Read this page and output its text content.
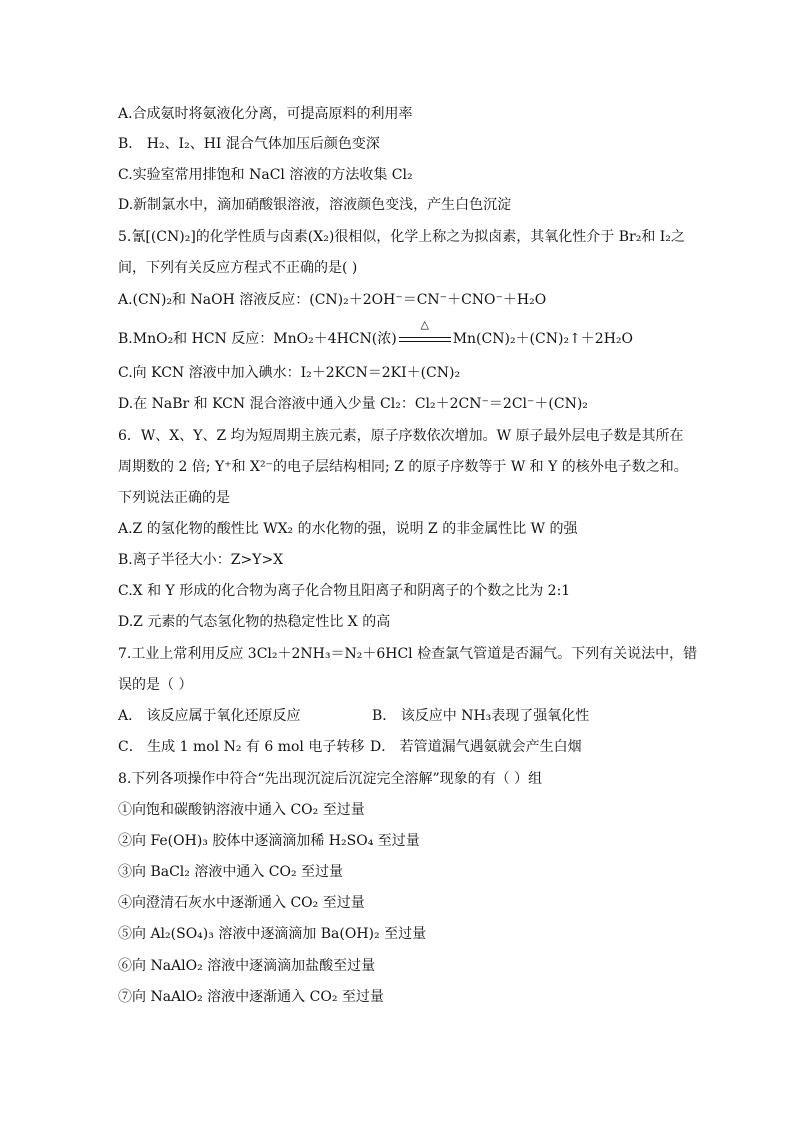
A.合成氨时将氨液化分离，可提高原料的利用率
B． H₂、I₂、HI 混合气体加压后颜色变深
C.实验室常用排饱和 NaCl 溶液的方法收集 Cl₂
D.新制氯水中，滴加硝酸银溶液，溶液颜色变浅，产生白色沉淀
5.氰[(CN)₂]的化学性质与卤素(X₂)很相似，化学上称之为拟卤素，其氧化性介于 Br₂和 I₂之
间，下列有关反应方程式不正确的是( )
A.(CN)₂和 NaOH 溶液反应：(CN)₂＋2OH⁻＝CN⁻＋CNO⁻＋H₂O
B.MnO₂和 HCN 反应：MnO₂＋4HCN(浓)
△
Mn(CN)₂＋(CN)₂↑＋2H₂O
C.向 KCN 溶液中加入碘水：I₂＋2KCN＝2KI＋(CN)₂
D.在 NaBr 和 KCN 混合溶液中通入少量 Cl₂：Cl₂＋2CN⁻＝2Cl⁻＋(CN)₂
6．W、X、Y、Z 均为短周期主族元素，原子序数依次增加。W 原子最外层电子数是其所在
周期数的 2 倍; Y⁺和 X²⁻的电子层结构相同; Z 的原子序数等于 W 和 Y 的核外电子数之和。
下列说法正确的是
A.Z 的氢化物的酸性比 WX₂ 的水化物的强，说明 Z 的非金属性比 W 的强
B.离子半径大小：Z>Y>X
C.X 和 Y 形成的化合物为离子化合物且阳离子和阴离子的个数之比为 2:1
D.Z 元素的气态氢化物的热稳定性比 X 的高
7.工业上常利用反应 3Cl₂＋2NH₃＝N₂＋6HCl 检查氯气管道是否漏气。下列有关说法中，错
误的是（ ）
A． 该反应属于氧化还原反应	B． 该反应中 NH₃表现了强氧化性
C． 生成 1 mol N₂ 有 6 mol 电子转移 D． 若管道漏气遇氨就会产生白烟
8.下列各项操作中符合“先出现沉淀后沉淀完全溶解”现象的有（ ）组
①向饱和碳酸钠溶液中通入 CO₂ 至过量
②向 Fe(OH)₃ 胶体中逐滴滴加稀 H₂SO₄ 至过量
③向 BaCl₂ 溶液中通入 CO₂ 至过量
④向澄清石灰水中逐渐通入 CO₂ 至过量
⑤向 Al₂(SO₄)₃ 溶液中逐滴滴加 Ba(OH)₂ 至过量
⑥向 NaAlO₂ 溶液中逐滴滴加盐酸至过量
⑦向 NaAlO₂ 溶液中逐渐通入 CO₂ 至过量
